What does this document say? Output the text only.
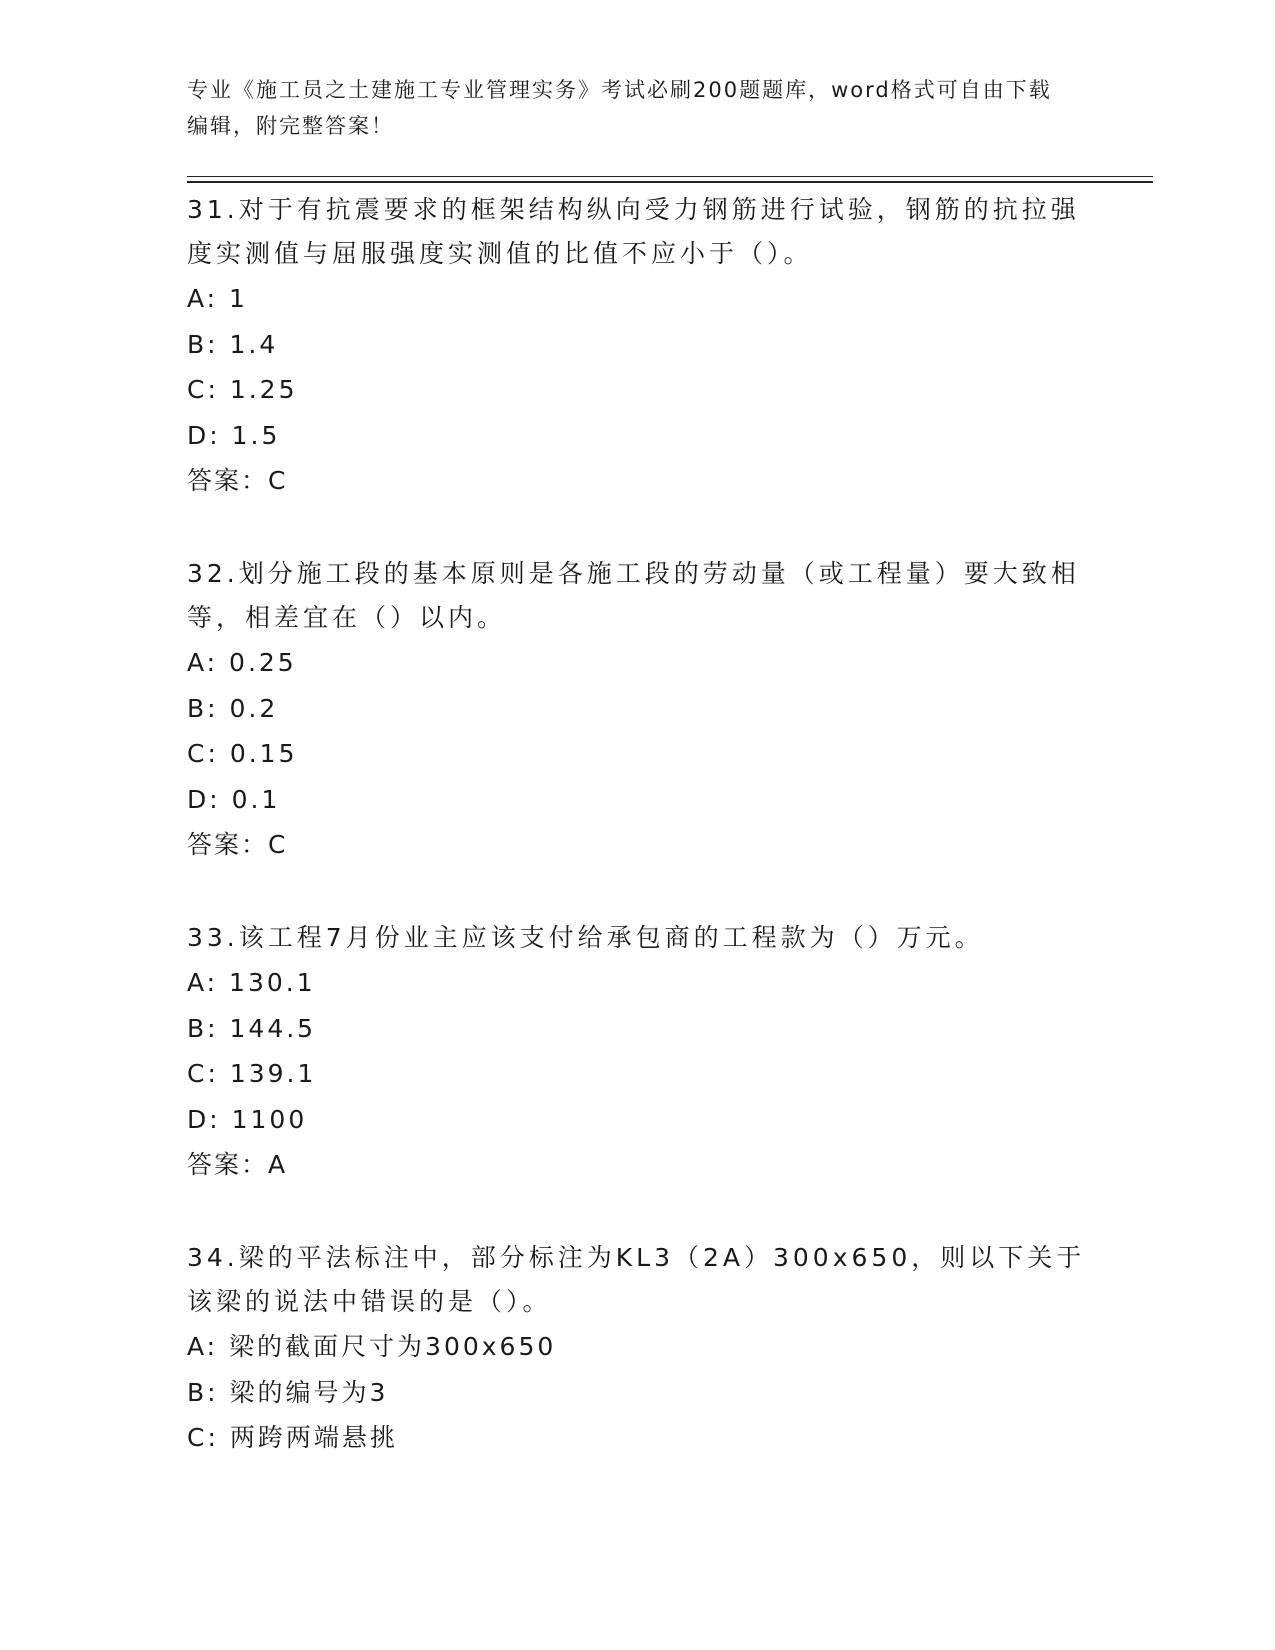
专业《施工员之土建施工专业管理实务》考试必刷200题题库，word格式可自由下载编辑，附完整答案！

31.对于有抗震要求的框架结构纵向受力钢筋进行试验，钢筋的抗拉强度实测值与屈服强度实测值的比值不应小于（）。

A: 1

B: 1.4

C: 1.25

D: 1.5

答案：C

32.划分施工段的基本原则是各施工段的劳动量（或工程量）要大致相等，相差宜在（）以内。

A: 0.25

B: 0.2

C: 0.15

D: 0.1

答案：C

33.该工程7月份业主应该支付给承包商的工程款为（）万元。

A: 130.1

B: 144.5

C: 139.1

D: 1100

答案：A

34.梁的平法标注中，部分标注为KL3（2A）300x650，则以下关于该梁的说法中错误的是（）。

A: 梁的截面尺寸为300x650

B: 梁的编号为3

C: 两跨两端悬挑
